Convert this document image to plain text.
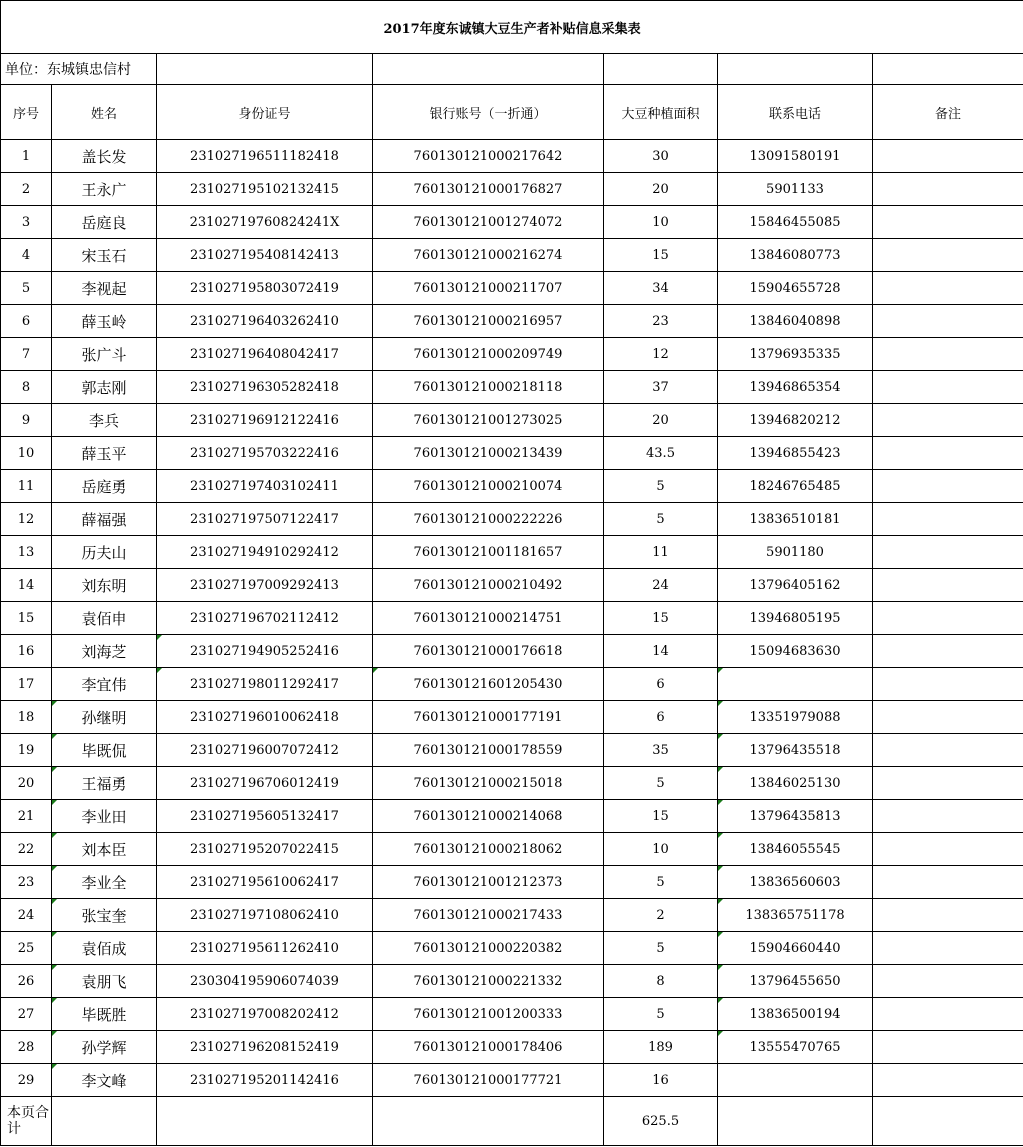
2017年度东诚镇大豆生产者补贴信息采集表						
单位：东城镇忠信村						
序号	姓名	身份证号	银行账号（一折通）	大豆种植面积	联系电话	备注
1	盖长发	231027196511182418	760130121000217642	30	13091580191	
2	王永广	231027195102132415	760130121000176827	20	5901133	
3	岳庭良	23102719760824241X	760130121001274072	10	15846455085	
4	宋玉石	231027195408142413	760130121000216274	15	13846080773	
5	李视起	231027195803072419	760130121000211707	34	15904655728	
6	薛玉岭	231027196403262410	760130121000216957	23	13846040898	
7	张广斗	231027196408042417	760130121000209749	12	13796935335	
8	郭志刚	231027196305282418	760130121000218118	37	13946865354	
9	李兵	231027196912122416	760130121001273025	20	13946820212	
10	薛玉平	231027195703222416	760130121000213439	43.5	13946855423	
11	岳庭勇	231027197403102411	760130121000210074	5	18246765485	
12	薛福强	231027197507122417	760130121000222226	5	13836510181	
13	历夫山	231027194910292412	760130121001181657	11	5901180	
14	刘东明	231027197009292413	760130121000210492	24	13796405162	
15	袁佰申	231027196702112412	760130121000214751	15	13946805195	
16	刘海芝	231027194905252416	760130121000176618	14	15094683630	
17	李宜伟	231027198011292417	760130121601205430	6		
18	孙继明	231027196010062418	760130121000177191	6	13351979088	
19	毕既侃	231027196007072412	760130121000178559	35	13796435518	
20	王福勇	231027196706012419	760130121000215018	5	13846025130	
21	李业田	231027195605132417	760130121000214068	15	13796435813	
22	刘本臣	231027195207022415	760130121000218062	10	13846055545	
23	李业全	231027195610062417	760130121001212373	5	13836560603	
24	张宝奎	231027197108062410	760130121000217433	2	138365751178	
25	袁佰成	231027195611262410	760130121000220382	5	15904660440	
26	袁朋飞	230304195906074039	760130121000221332	8	13796455650	
27	毕既胜	231027197008202412	760130121001200333	5	13836500194	
28	孙学辉	231027196208152419	760130121000178406	189	13555470765	
29	李文峰	231027195201142416	760130121000177721	16		
本页合计				625.5		
